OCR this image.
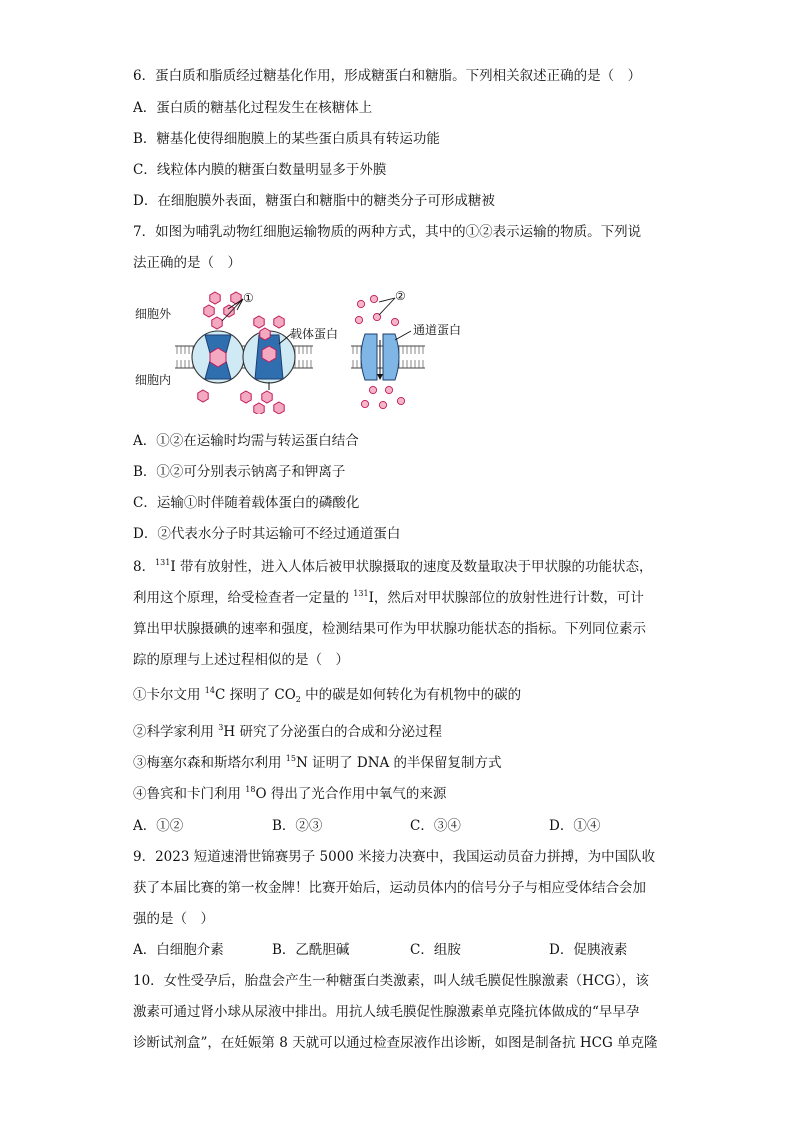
6．蛋白质和脂质经过糖基化作用，形成糖蛋白和糖脂。下列相关叙述正确的是（　）
A．蛋白质的糖基化过程发生在核糖体上
B．糖基化使得细胞膜上的某些蛋白质具有转运功能
C．线粒体内膜的糖蛋白数量明显多于外膜
D．在细胞膜外表面，糖蛋白和糖脂中的糖类分子可形成糖被
7．如图为哺乳动物红细胞运输物质的两种方式，其中的①②表示运输的物质。下列说
法正确的是（　）
细胞外
细胞内
①
载体蛋白
②
通道蛋白
A．①②在运输时均需与转运蛋白结合
B．①②可分别表示钠离子和钾离子
C．运输①时伴随着载体蛋白的磷酸化
D．②代表水分子时其运输可不经过通道蛋白
8．$^{131}$I 带有放射性，进入人体后被甲状腺摄取的速度及数量取决于甲状腺的功能状态，
利用这个原理，给受检查者一定量的 $^{131}$I，然后对甲状腺部位的放射性进行计数，可计
算出甲状腺摄碘的速率和强度，检测结果可作为甲状腺功能状态的指标。下列同位素示
踪的原理与上述过程相似的是（　）
①卡尔文用 $^{14}$C 探明了 $CO_2$ 中的碳是如何转化为有机物中的碳的
②科学家利用 $^3$H 研究了分泌蛋白的合成和分泌过程
③梅塞尔森和斯塔尔利用 $^{15}$N 证明了 DNA 的半保留复制方式
④鲁宾和卡门利用 $^{18}$O 得出了光合作用中氧气的来源
A．①②	B．②③	C．③④	D．①④
9．2023 短道速滑世锦赛男子 5000 米接力决赛中，我国运动员奋力拼搏，为中国队收
获了本届比赛的第一枚金牌！比赛开始后，运动员体内的信号分子与相应受体结合会加
强的是（　）
A．白细胞介素	B．乙酰胆碱	C．组胺	D．促胰液素
10．女性受孕后，胎盘会产生一种糖蛋白类激素，叫人绒毛膜促性腺激素（HCG），该
激素可通过肾小球从尿液中排出。用抗人绒毛膜促性腺激素单克隆抗体做成的“早早孕
诊断试剂盒”，在妊娠第 8 天就可以通过检查尿液作出诊断，如图是制备抗 HCG 单克隆
